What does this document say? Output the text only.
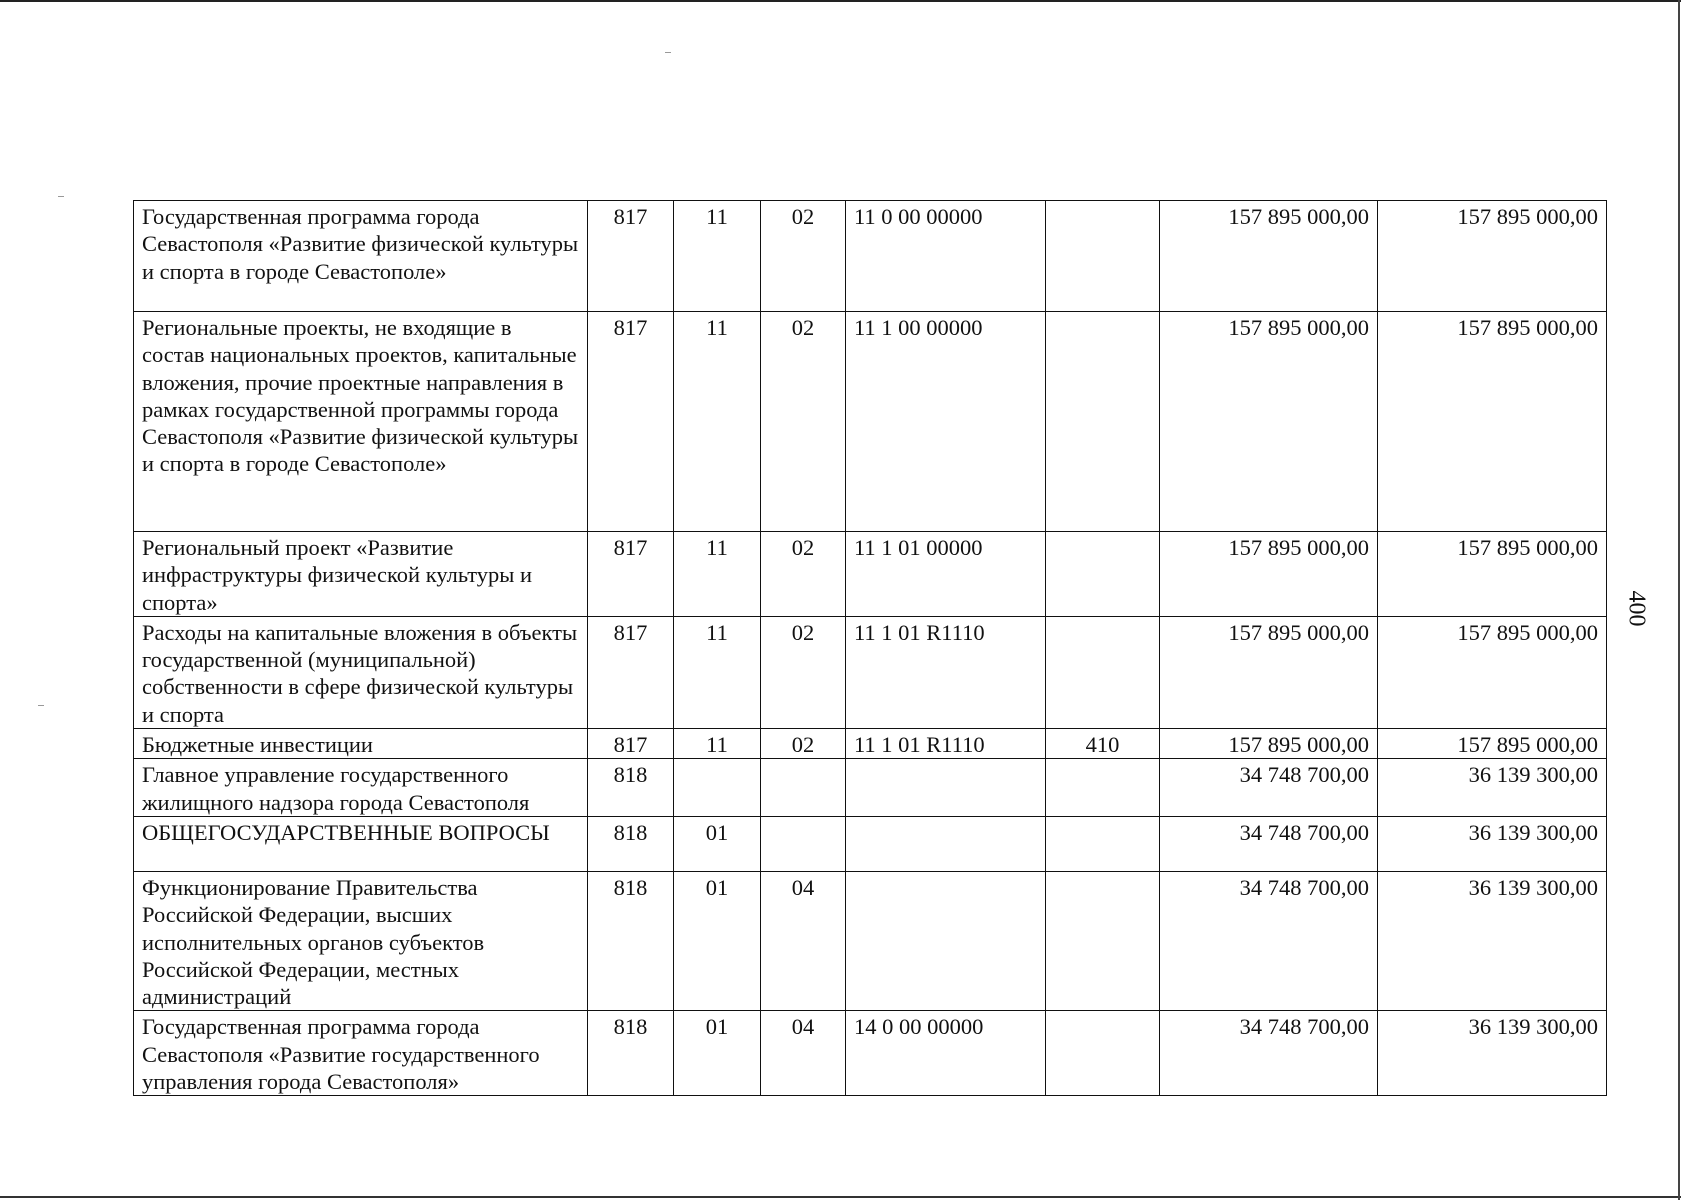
400
Государственная программа города Севастополя «Развитие физической культуры и спорта в городе Севастополе»	817	11	02	11 0 00 00000		157 895 000,00	157 895 000,00
Региональные проекты, не входящие в состав национальных проектов, капитальные вложения, прочие проектные направления в рамках государственной программы города Севастополя «Развитие физической культуры и спорта в городе Севастополе»	817	11	02	11 1 00 00000		157 895 000,00	157 895 000,00
Региональный проект «Развитие инфраструктуры физической культуры и спорта»	817	11	02	11 1 01 00000		157 895 000,00	157 895 000,00
Расходы на капитальные вложения в объекты государственной (муниципальной) собственности в сфере физической культуры и спорта	817	11	02	11 1 01 R1110		157 895 000,00	157 895 000,00
Бюджетные инвестиции	817	11	02	11 1 01 R1110	410	157 895 000,00	157 895 000,00
Главное управление государственного жилищного надзора города Севастополя	818					34 748 700,00	36 139 300,00
ОБЩЕГОСУДАРСТВЕННЫЕ ВОПРОСЫ	818	01				34 748 700,00	36 139 300,00
Функционирование Правительства Российской Федерации, высших исполнительных органов субъектов Российской Федерации, местных администраций	818	01	04			34 748 700,00	36 139 300,00
Государственная программа города Севастополя «Развитие государственного управления города Севастополя»	818	01	04	14 0 00 00000		34 748 700,00	36 139 300,00
